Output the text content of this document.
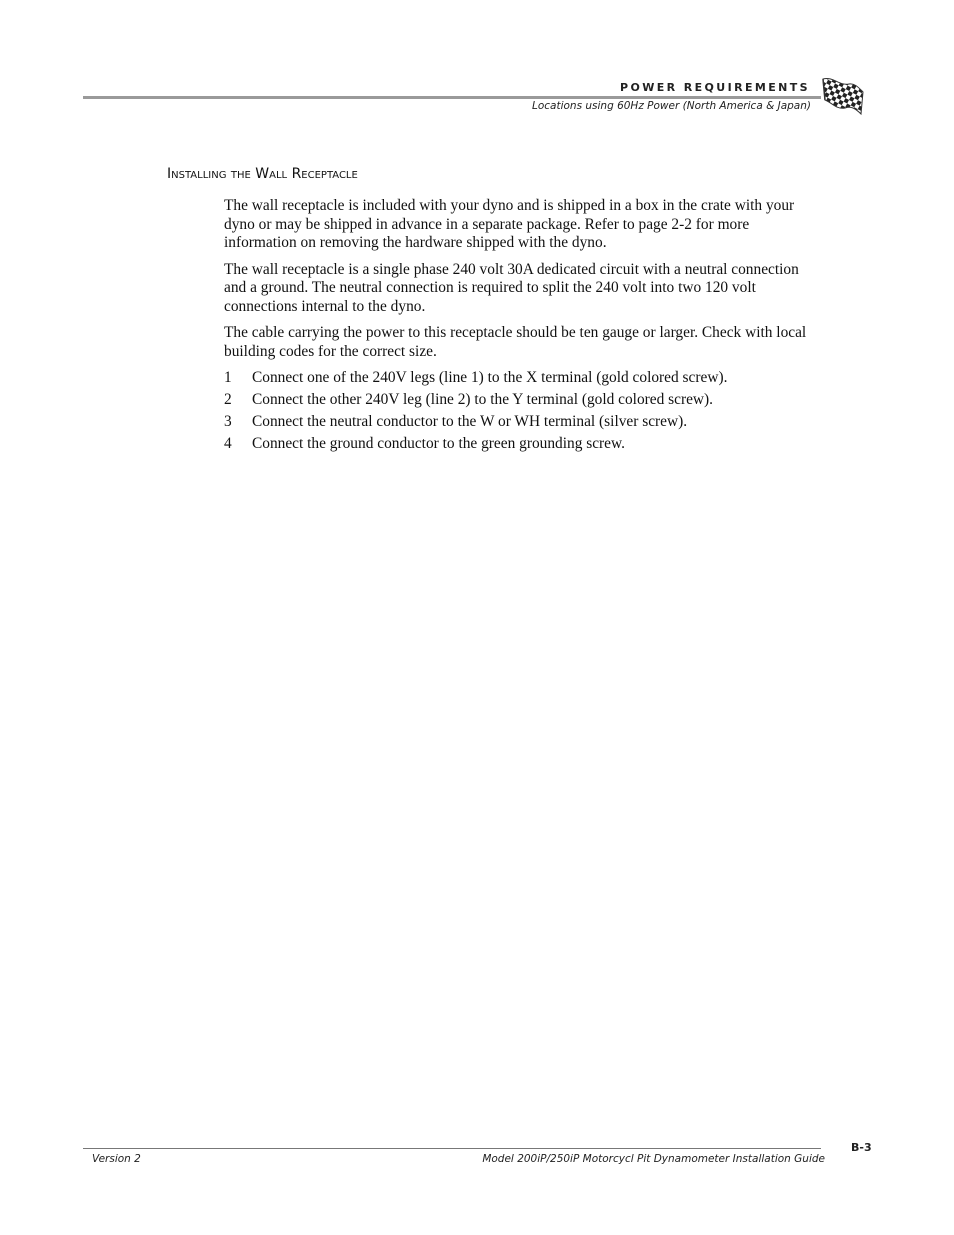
POWER REQUIREMENTS
Locations using 60Hz Power (North America & Japan)
Installing the Wall Receptacle

The wall receptacle is included with your dyno and is shipped in a box in the crate with your dyno or may be shipped in advance in a separate package. Refer to page 2-2 for more information on removing the hardware shipped with the dyno.

The wall receptacle is a single phase 240 volt 30A dedicated circuit with a neutral connection and a ground. The neutral connection is required to split the 240 volt into two 120 volt connections internal to the dyno.

The cable carrying the power to this receptacle should be ten gauge or larger. Check with local building codes for the correct size.

1	Connect one of the 240V legs (line 1) to the X terminal (gold colored screw).
2	Connect the other 240V leg (line 2) to the Y terminal (gold colored screw).
3	Connect the neutral conductor to the W or WH terminal (silver screw).
4	Connect the ground conductor to the green grounding screw.
Version 2	Model 200iP/250iP Motorcycl Pit Dynamometer Installation Guide
B-3
